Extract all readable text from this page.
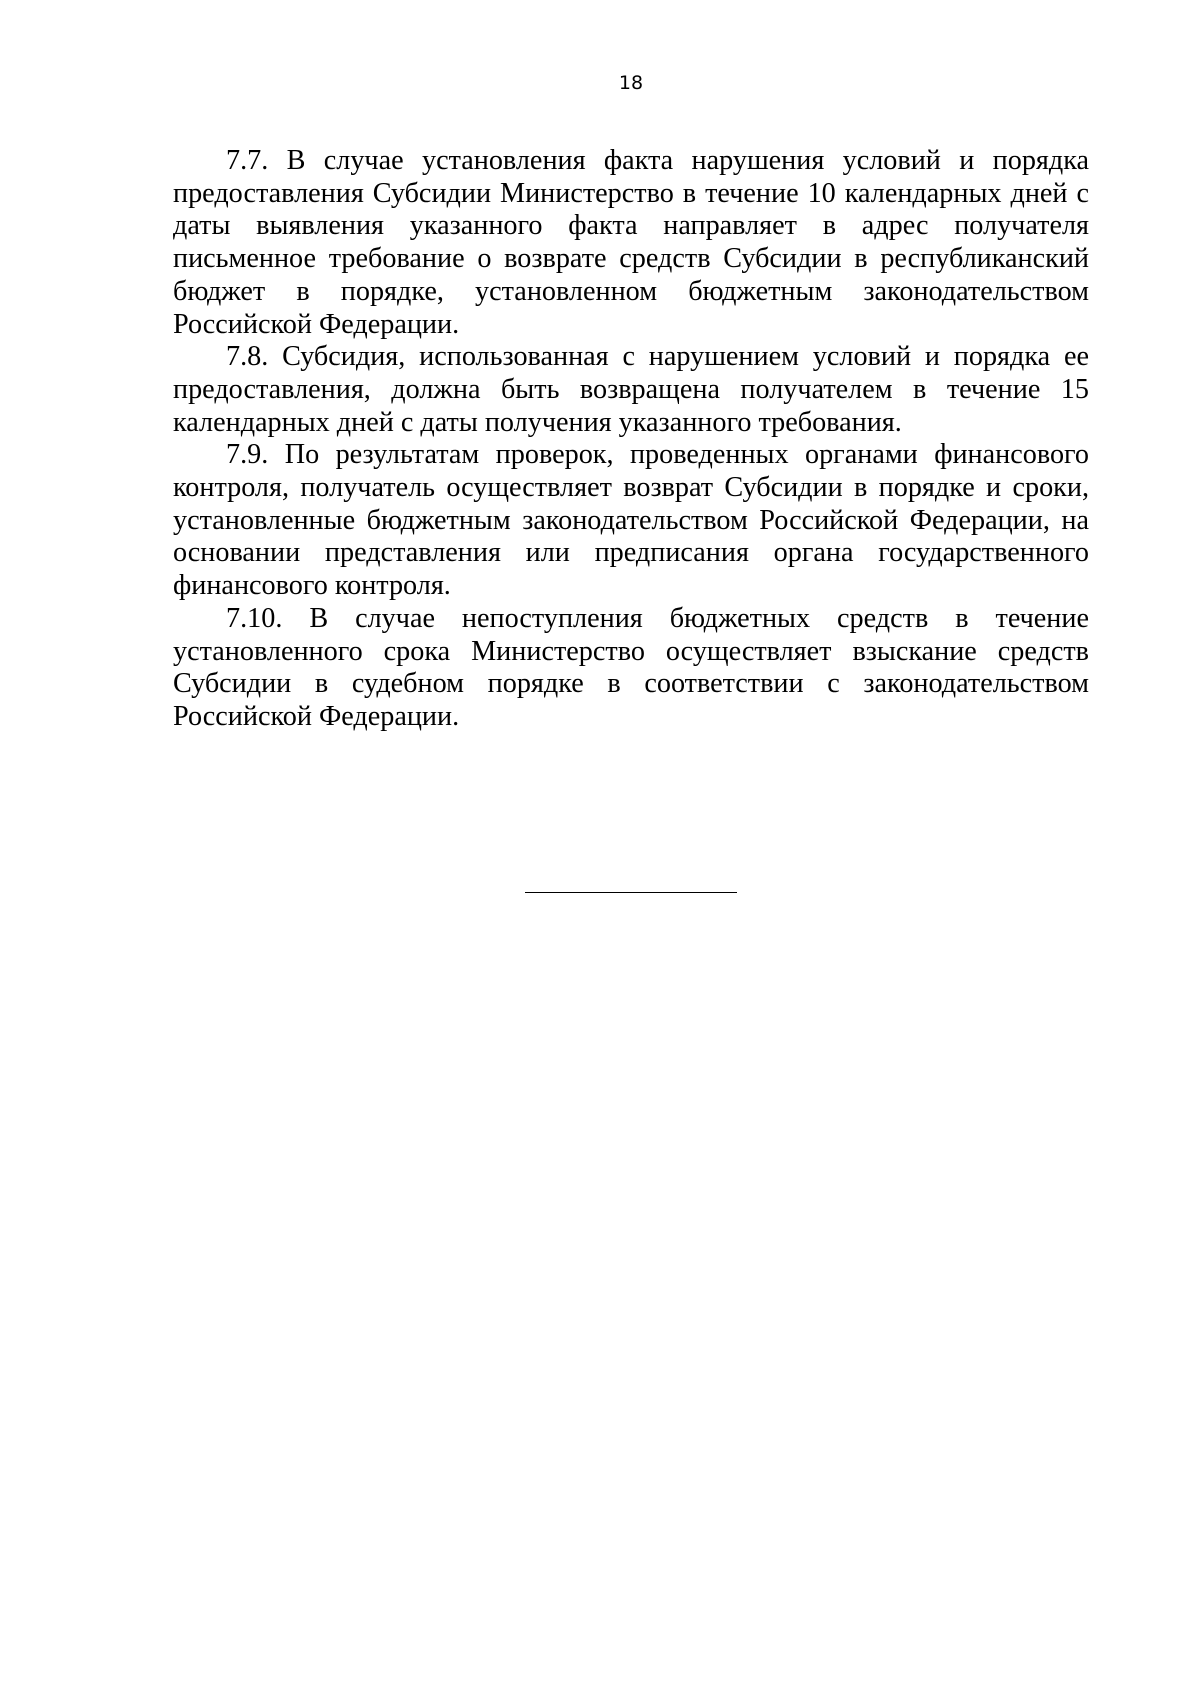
18

7.7. В случае установления факта нарушения условий и порядка предоставления Субсидии Министерство в течение 10 календарных дней с даты выявления указанного факта направляет в адрес получателя письменное требование о возврате средств Субсидии в республиканский бюджет в порядке, установленном бюджетным законодательством Российской Федерации.

7.8. Субсидия, использованная с нарушением условий и порядка ее предоставления, должна быть возвращена получателем в течение 15 календарных дней с даты получения указанного требования.

7.9. По результатам проверок, проведенных органами финансового контроля, получатель осуществляет возврат Субсидии в порядке и сроки, установленные бюджетным законодательством Российской Федерации, на основании представления или предписания органа государственного финансового контроля.

7.10. В случае непоступления бюджетных средств в течение установленного срока Министерство осуществляет взыскание средств Субсидии в судебном порядке в соответствии с законодательством Российской Федерации.
